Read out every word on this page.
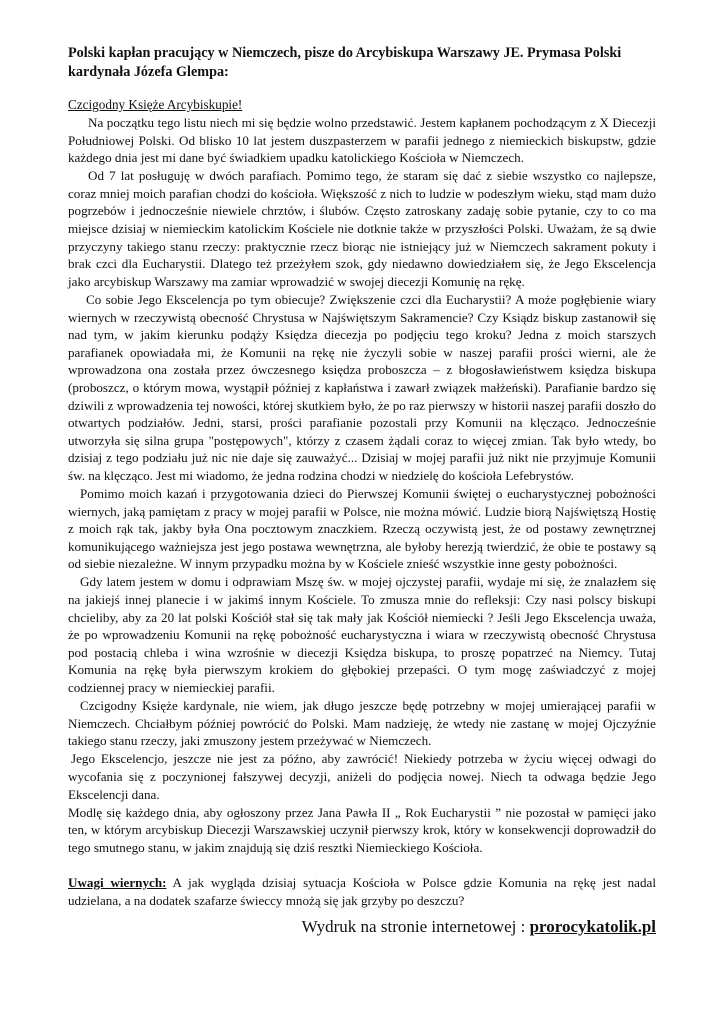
Polski kapłan pracujący w Niemczech, pisze do Arcybiskupa Warszawy JE. Prymasa Polski kardynała Józefa Glempa:
Czcigodny Księże Arcybiskupie!

Na początku tego listu niech mi się będzie wolno przedstawić. Jestem kapłanem pochodzącym z X Diecezji Południowej Polski. Od blisko 10 lat jestem duszpasterzem w parafii jednego z niemieckich biskupstw, gdzie każdego dnia jest mi dane być świadkiem upadku katolickiego Kościoła w Niemczech.

Od 7 lat posługuję w dwóch parafiach. Pomimo tego, że staram się dać z siebie wszystko co najlepsze, coraz mniej moich parafian chodzi do kościoła. Większość z nich to ludzie w podeszłym wieku, stąd mam dużo pogrzebów i jednocześnie niewiele chrztów, i ślubów. Często zatroskany zadaję sobie pytanie, czy to co ma miejsce dzisiaj w niemieckim katolickim Kościele nie dotknie także w przyszłości Polski. Uważam, że są dwie przyczyny takiego stanu rzeczy: praktycznie rzecz biorąc nie istniejący już w Niemczech sakrament pokuty i brak czci dla Eucharystii. Dlatego też przeżyłem szok, gdy niedawno dowiedziałem się, że Jego Ekscelencja jako arcybiskup Warszawy ma zamiar wprowadzić w swojej diecezji Komunię na rękę.

Co sobie Jego Ekscelencja po tym obiecuje? Zwiększenie czci dla Eucharystii? A może pogłębienie wiary wiernych w rzeczywistą obecność Chrystusa w Najświętszym Sakramencie? Czy Ksiądz biskup zastanowił się nad tym, w jakim kierunku podąży Księdza diecezja po podjęciu tego kroku? Jedna z moich starszych parafianek opowiadała mi, że Komunii na rękę nie życzyli sobie w naszej parafii prości wierni, ale że wprowadzona ona została przez ówczesnego księdza proboszcza – z błogosławieństwem księdza biskupa (proboszcz, o którym mowa, wystąpił później z kapłaństwa i zawarł związek małżeński). Parafianie bardzo się dziwili z wprowadzenia tej nowości, której skutkiem było, że po raz pierwszy w historii naszej parafii doszło do otwartych podziałów. Jedni, starsi, prości parafianie pozostali przy Komunii na klęcząco. Jednocześnie utworzyła się silna grupa "postępowych", którzy z czasem żądali coraz to więcej zmian. Tak było wtedy, bo dzisiaj z tego podziału już nic nie daje się zauważyć... Dzisiaj w mojej parafii już nikt nie przyjmuje Komunii św. na klęcząco. Jest mi wiadomo, że jedna rodzina chodzi w niedzielę do kościoła Lefebrystów.

Pomimo moich kazań i przygotowania dzieci do Pierwszej Komunii świętej o eucharystycznej pobożności wiernych, jaką pamiętam z pracy w mojej parafii w Polsce, nie można mówić. Ludzie biorą Najświętszą Hostię z moich rąk tak, jakby była Ona pocztowym znaczkiem. Rzeczą oczywistą jest, że od postawy zewnętrznej komunikującego ważniejsza jest jego postawa wewnętrzna, ale byłoby herezją twierdzić, że obie te postawy są od siebie niezależne. W innym przypadku można by w Kościele znieść wszystkie inne gesty pobożności.

Gdy latem jestem w domu i odprawiam Mszę św. w mojej ojczystej parafii, wydaje mi się, że znalazłem się na jakiejś innej planecie i w jakimś innym Kościele. To zmusza mnie do refleksji: Czy nasi polscy biskupi chcieliby, aby za 20 lat polski Kościół stał się tak mały jak Kościół niemiecki ? Jeśli Jego Ekscelencja uważa, że po wprowadzeniu Komunii na rękę pobożność eucharystyczna i wiara w rzeczywistą obecność Chrystusa pod postacią chleba i wina wzrośnie w diecezji Księdza biskupa, to proszę popatrzeć na Niemcy. Tutaj Komunia na rękę była pierwszym krokiem do głębokiej przepaści. O tym mogę zaświadczyć z mojej codziennej pracy w niemieckiej parafii.

Czcigodny Księże kardynale, nie wiem, jak długo jeszcze będę potrzebny w mojej umierającej parafii w Niemczech. Chciałbym później powrócić do Polski. Mam nadzieję, że wtedy nie zastanę w mojej Ojczyźnie takiego stanu rzeczy, jaki zmuszony jestem przeżywać w Niemczech.

Jego Ekscelencjo, jeszcze nie jest za późno, aby zawrócić! Niekiedy potrzeba w życiu więcej odwagi do wycofania się z poczynionej fałszywej decyzji, aniżeli do podjęcia nowej. Niech ta odwaga będzie Jego Ekscelencji dana.

Modlę się każdego dnia, aby ogłoszony przez Jana Pawła II „ Rok Eucharystii ” nie pozostał w pamięci jako ten, w którym arcybiskup Diecezji Warszawskiej uczynił pierwszy krok, który w konsekwencji doprowadził do tego smutnego stanu, w jakim znajdują się dziś resztki Niemieckiego Kościoła.

Uwagi wiernych: A jak wygląda dzisiaj sytuacja Kościoła w Polsce gdzie Komunia na rękę jest nadal udzielana, a na dodatek szafarze świeccy mnożą się jak grzyby po deszczu?

Wydruk na stronie internetowej : prorocykatolik.pl
